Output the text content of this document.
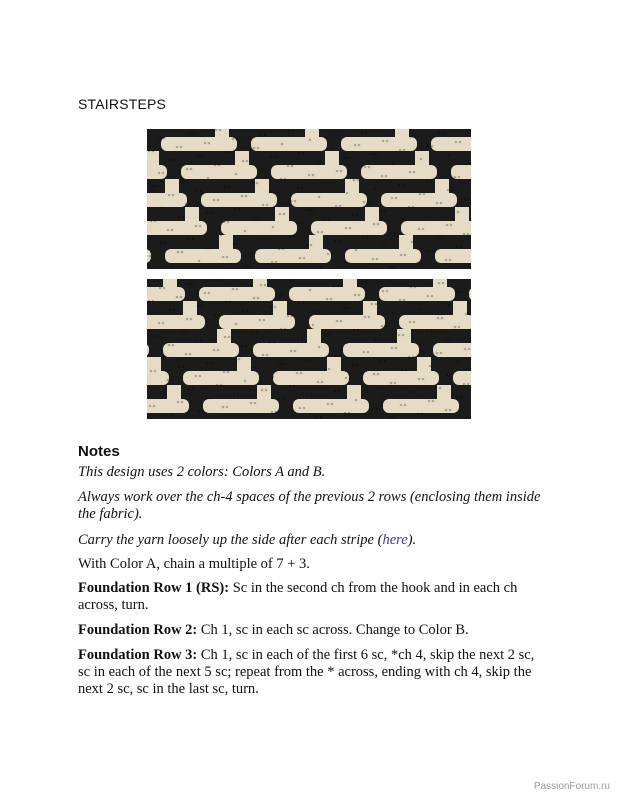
STAIRSTEPS
Notes
This design uses 2 colors: Colors A and B.
Always work over the ch-4 spaces of the previous 2 rows (enclosing them inside the fabric).
Carry the yarn loosely up the side after each stripe (here).
With Color A, chain a multiple of 7 + 3.
Foundation Row 1 (RS): Sc in the second ch from the hook and in each ch across, turn.
Foundation Row 2: Ch 1, sc in each sc across. Change to Color B.
Foundation Row 3: Ch 1, sc in each of the first 6 sc, *ch 4, skip the next 2 sc, sc in each of the next 5 sc; repeat from the * across, ending with ch 4, skip the next 2 sc, sc in the last sc, turn.
PassionForum.ru
